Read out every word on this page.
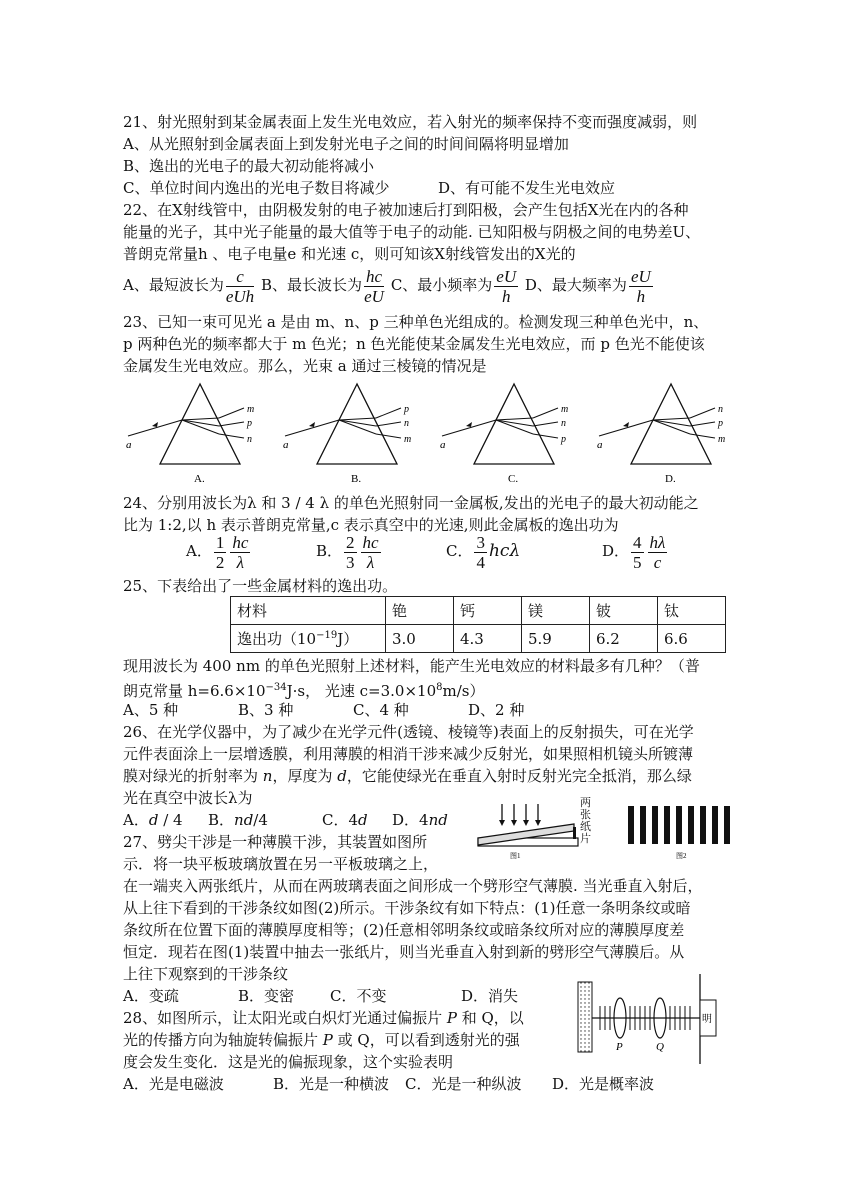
21、射光照射到某金属表面上发生光电效应，若入射光的频率保持不变而强度减弱，则
A、从光照射到金属表面上到发射光电子之间的时间间隔将明显增加
B、逸出的光电子的最大初动能将减小
C、单位时间内逸出的光电子数目将减少	D、有可能不发生光电效应
22、在X射线管中，由阴极发射的电子被加速后打到阳极，会产生包括X光在内的各种
能量的光子，其中光子能量的最大值等于电子的动能. 已知阳极与阴极之间的电势差U、
普朗克常量h 、电子电量e 和光速 c，则可知该X射线管发出的X光的
A、最短波长为 c
eUh
B、最长波长为 $\frac{hc}{eU}$ C、最小频率为 $\frac{eU}{h}$ D、最大频率为 $\frac{eU}{h}$
23、已知一束可见光 a 是由 m、n、p 三种单色光组成的。检测发现三种单色光中，n、
p 两种色光的频率都大于 m 色光；n 色光能使某金属发生光电效应，而 p 色光不能使该
金属发生光电效应。那么，光束 a 通过三棱镜的情况是
a
m
p
n
A.
a
p
n
m
B.
a
m
n
p
C.
a
n
p
m
D.
24、分别用波长为λ 和 3 / 4 λ 的单色光照射同一金属板,发出的光电子的最大初动能之
比为 1:2,以 h 表示普朗克常量,c 表示真空中的光速,则此金属板的逸出功为
A． $\frac{1}{2} \frac{hc}{\lambda}$	B． $\frac{2}{3} \frac{hc}{\lambda}$	C． $\frac{3}{4}$ hcλ	D． $\frac{4}{5} \frac{h\lambda}{c}$
25、下表给出了一些金属材料的逸出功。
材料	铯	钙	镁	铍	钛
逸出功$(10^{-19}J)$	3.0	4.3	5.9	6.2	6.6
现用波长为 400 nm 的单色光照射上述材料，能产生光电效应的材料最多有几种？（普
朗克常量 $h=6.6\times 10^{-34}J\cdot s$， 光速 $c=3.0\times 10^8m/s$）
A、5 种	B、3 种	C、4 种	D、2 种
26、在光学仪器中，为了减少在光学元件(透镜、棱镜等)表面上的反射损失，可在光学
元件表面涂上一层增透膜，利用薄膜的相消干涉来减少反射光，如果照相机镜头所镀薄
膜对绿光的折射率为 n，厚度为 d，它能使绿光在垂直入射时反射光完全抵消，那么绿
光在真空中波长λ为
A．d / 4 B．nd/4	C．4d D．4nd
图1
两张纸片
图2
27、劈尖干涉是一种薄膜干涉，其装置如图所
示．将一块平板玻璃放置在另一平板玻璃之上，
在一端夹入两张纸片，从而在两玻璃表面之间形成一个劈形空气薄膜. 当光垂直入射后，
从上往下看到的干涉条纹如图(2)所示。干涉条纹有如下特点：(1)任意一条明条纹或暗
条纹所在位置下面的薄膜厚度相等；(2)任意相邻明条纹或暗条纹所对应的薄膜厚度差
恒定．现若在图(1)装置中抽去一张纸片，则当光垂直入射到新的劈形空气薄膜后。从
上往下观察到的干涉条纹
A．变疏	B．变密 C．不变	D．消失
28、如图所示，让太阳光或白炽灯光通过偏振片 P 和 Q，以
光的传播方向为轴旋转偏振片 P 或 Q，可以看到透射光的强
度会发生变化．这是光的偏振现象，这个实验表明
A．光是电磁波	B．光是一种横波 C．光是一种纵波 D．光是概率波
P	Q
明
